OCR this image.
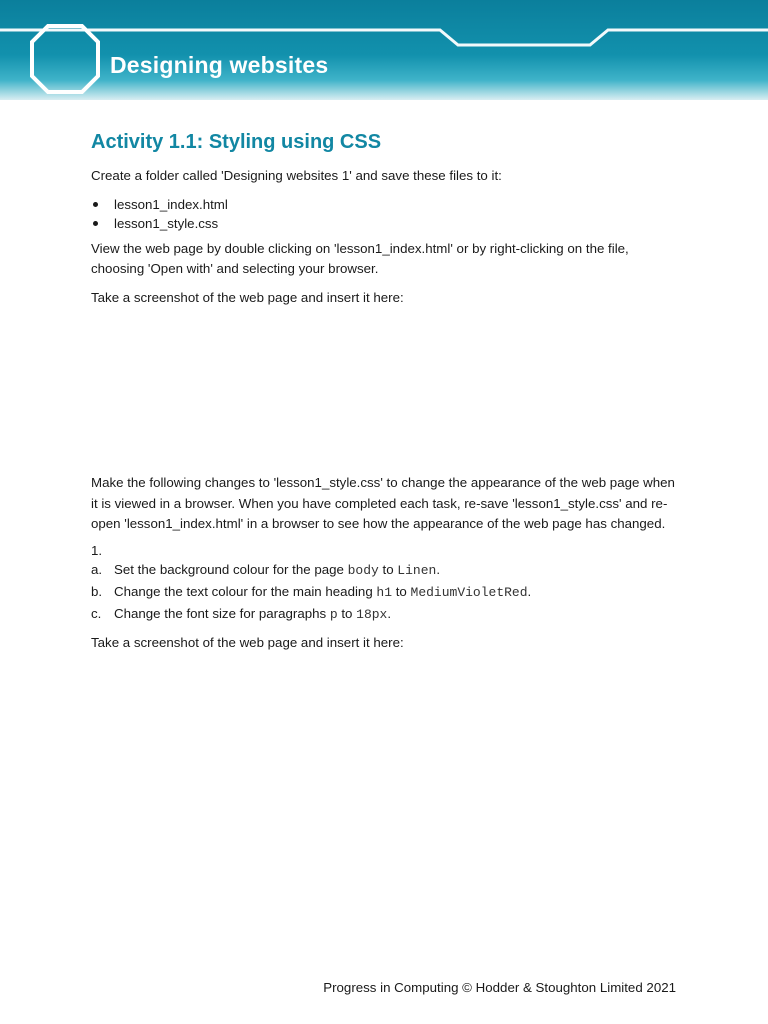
Designing websites
Activity 1.1: Styling using CSS

Create a folder called 'Designing websites 1' and save these files to it:

lesson1_index.html
lesson1_style.css

View the web page by double clicking on 'lesson1_index.html' or by right-clicking on the file, choosing 'Open with' and selecting your browser.

Take a screenshot of the web page and insert it here:

Make the following changes to 'lesson1_style.css' to change the appearance of the web page when it is viewed in a browser. When you have completed each task, re-save 'lesson1_style.css' and re-open 'lesson1_index.html' in a browser to see how the appearance of the web page has changed.

1.
a. Set the background colour for the page body to Linen.
b. Change the text colour for the main heading h1 to MediumVioletRed.
c. Change the font size for paragraphs p to 18px.

Take a screenshot of the web page and insert it here:

Progress in Computing © Hodder & Stoughton Limited 2021
